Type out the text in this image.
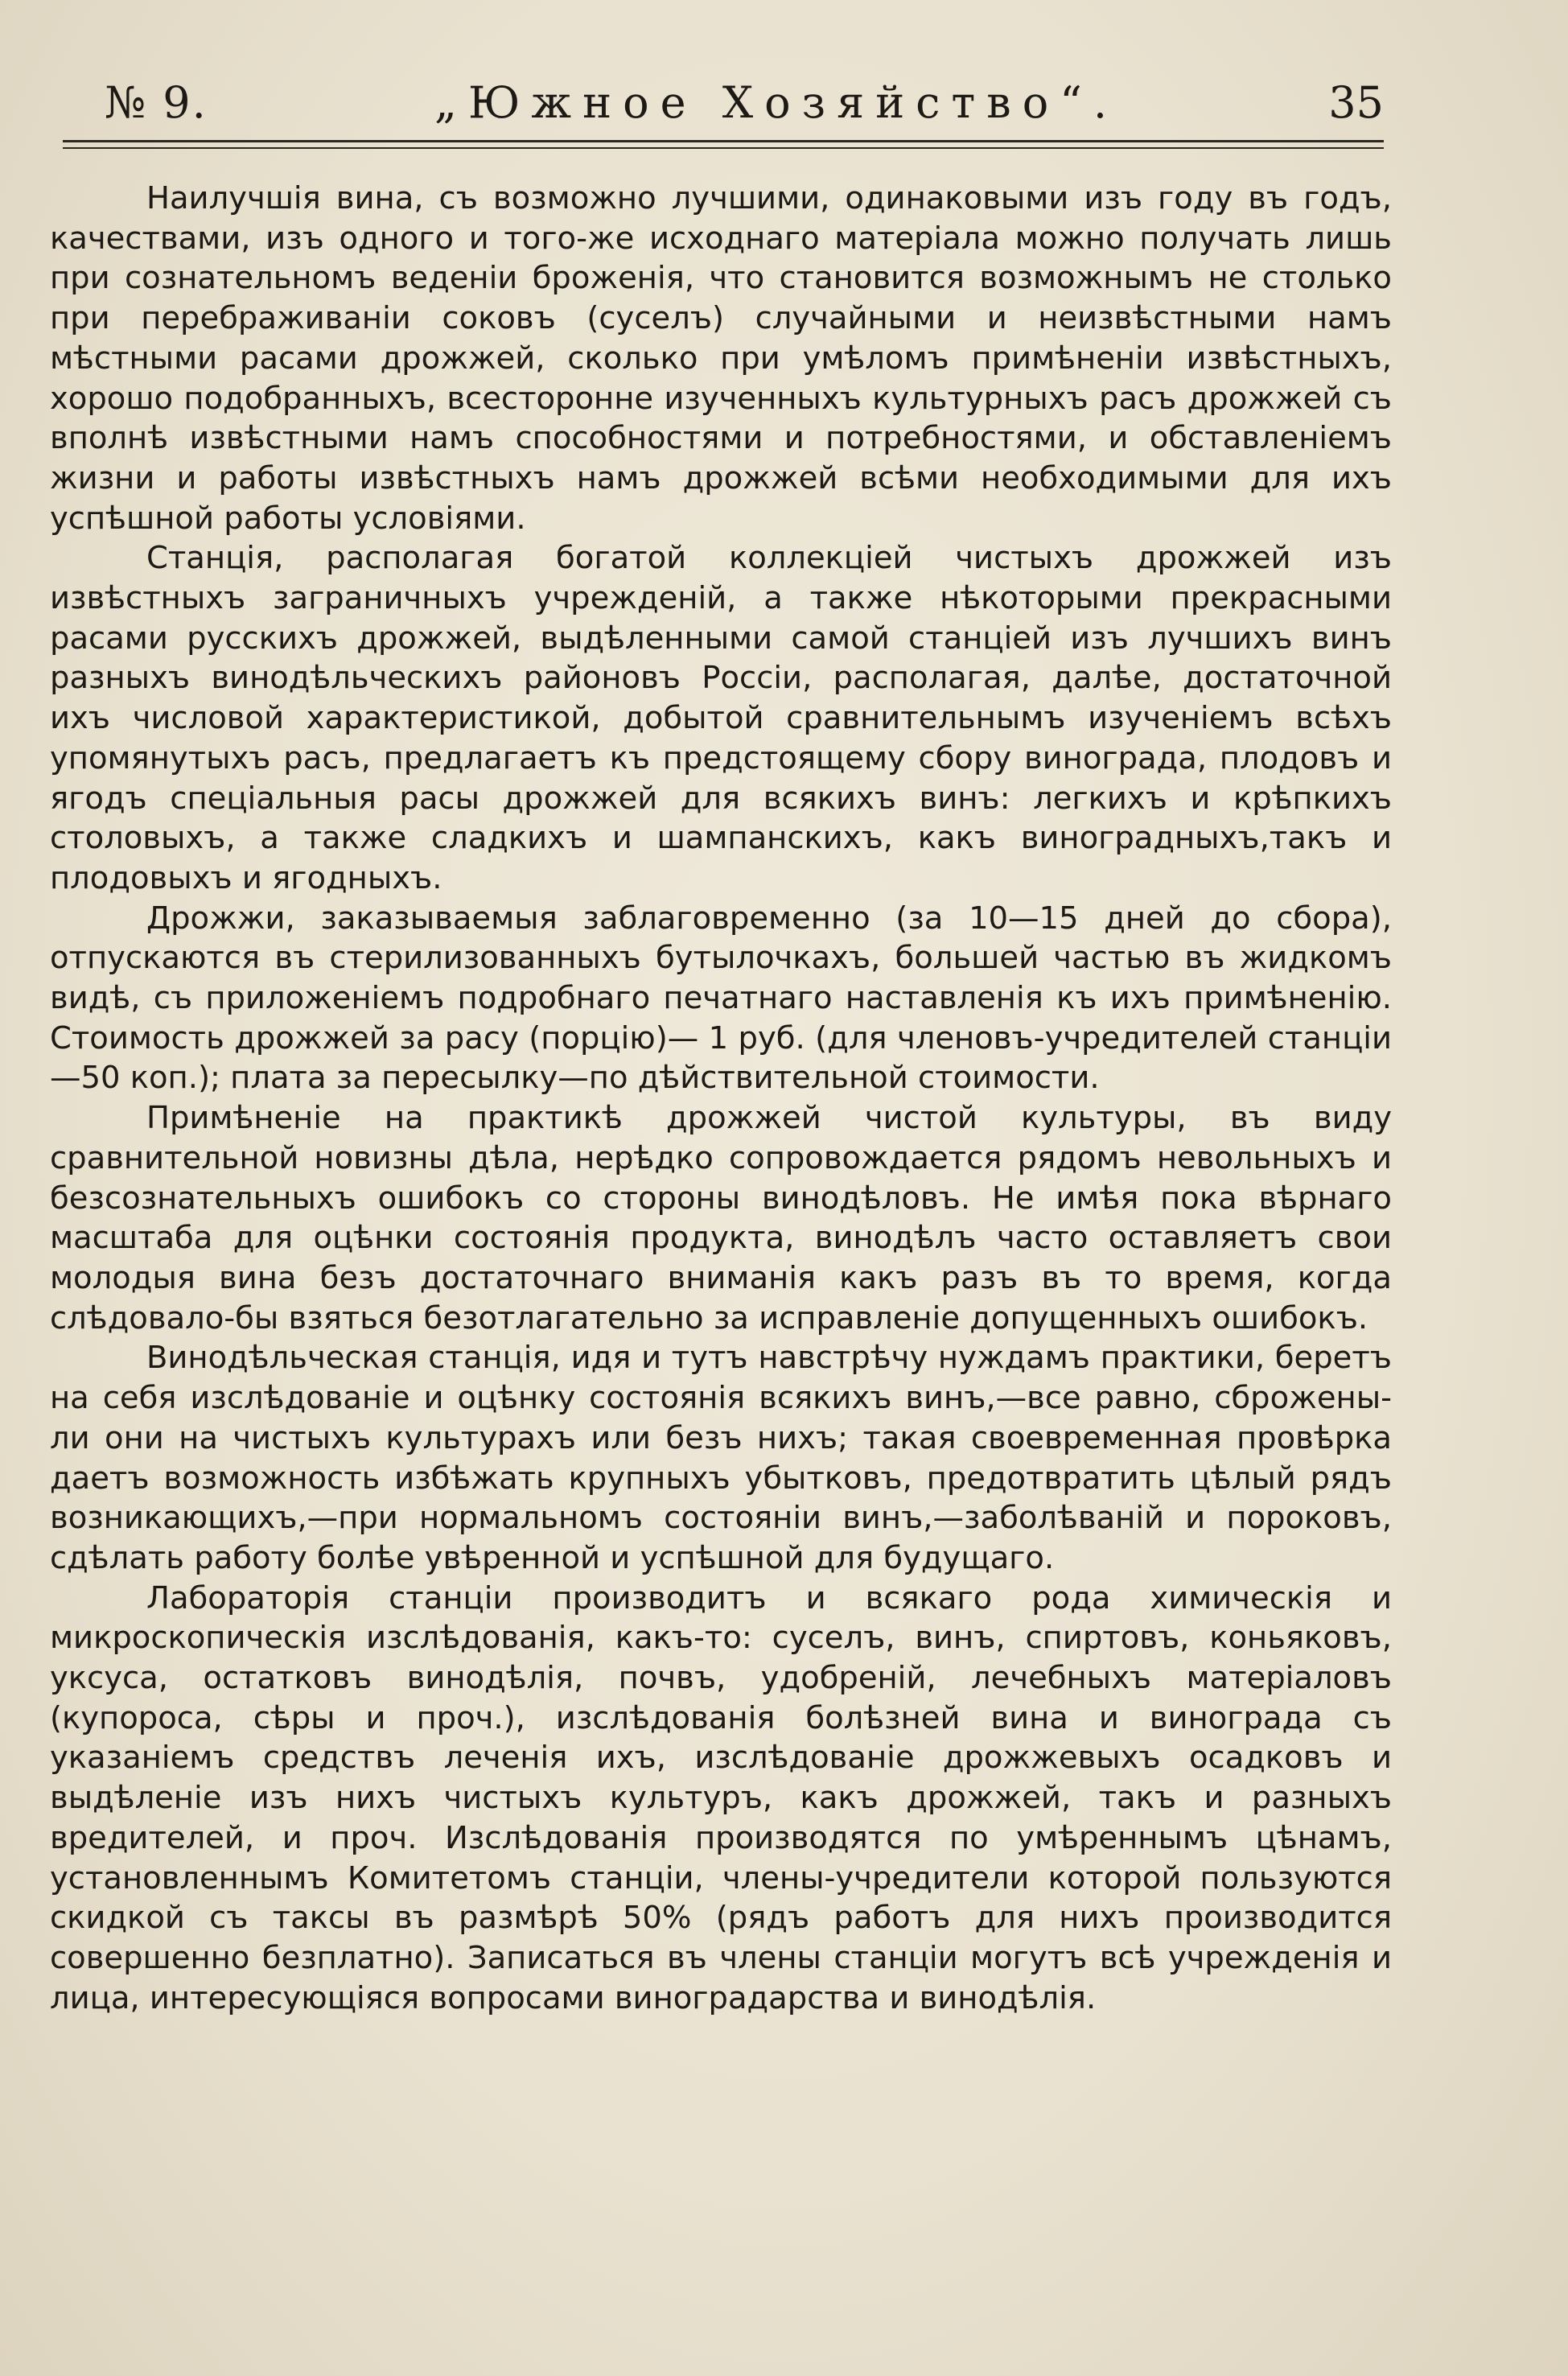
№ 9.	„Южное Хозяйство“.	35

Наилучшія вина, съ возможно лучшими, одинаковыми изъ году въ годъ, качествами, изъ одного и того-же исходнаго матеріала можно получать лишь при сознательномъ веденіи броженія, что становится возможнымъ не столько при перебраживаніи соковъ (суселъ) случайными и неизвѣстными намъ мѣстными расами дрожжей, сколько при умѣломъ примѣненіи извѣстныхъ, хорошо подобранныхъ, всесторонне изученныхъ культурныхъ расъ дрожжей съ вполнѣ извѣстными намъ способностями и потребностями, и обставленіемъ жизни и работы извѣстныхъ намъ дрожжей всѣми необходимыми для ихъ успѣшной работы условіями.

Станція, располагая богатой коллекціей чистыхъ дрожжей изъ извѣстныхъ заграничныхъ учрежденій, а также нѣкоторыми прекрасными расами русскихъ дрожжей, выдѣленными самой станціей изъ лучшихъ винъ разныхъ винодѣльческихъ районовъ Россіи, располагая, далѣе, достаточной ихъ числовой характеристикой, добытой сравнительнымъ изученіемъ всѣхъ упомянутыхъ расъ, предлагаетъ къ предстоящему сбору винограда, плодовъ и ягодъ спеціальныя расы дрожжей для всякихъ винъ: легкихъ и крѣпкихъ столовыхъ, а также сладкихъ и шампанскихъ, какъ виноградныхъ,такъ и плодовыхъ и ягодныхъ.

Дрожжи, заказываемыя заблаговременно (за 10—15 дней до сбора), отпускаются въ стерилизованныхъ бутылочкахъ, большей частью въ жидкомъ видѣ, съ приложеніемъ подробнаго печатнаго наставленія къ ихъ примѣненію. Стоимость дрожжей за расу (порцію)— 1 руб. (для членовъ-учредителей станціи—50 коп.); плата за пересылку—по дѣйствительной стоимости.

Примѣненіе на практикѣ дрожжей чистой культуры, въ виду сравнительной новизны дѣла, нерѣдко сопровождается рядомъ невольныхъ и безсознательныхъ ошибокъ со стороны винодѣловъ. Не имѣя пока вѣрнаго масштаба для оцѣнки состоянія продукта, винодѣлъ часто оставляетъ свои молодыя вина безъ достаточнаго вниманія какъ разъ въ то время, когда слѣдовало-бы взяться безотлагательно за исправленіе допущенныхъ ошибокъ.

Винодѣльческая станція, идя и тутъ навстрѣчу нуждамъ практики, беретъ на себя изслѣдованіе и оцѣнку состоянія всякихъ винъ,—все равно, сброжены-ли они на чистыхъ культурахъ или безъ нихъ; такая своевременная провѣрка даетъ возможность избѣжать крупныхъ убытковъ, предотвратить цѣлый рядъ возникающихъ,—при нормальномъ состояніи винъ,—заболѣваній и пороковъ, сдѣлать работу болѣе увѣренной и успѣшной для будущаго.

Лабораторія станціи производитъ и всякаго рода химическія и микроскопическія изслѣдованія, какъ-то: суселъ, винъ, спиртовъ, коньяковъ, уксуса, остатковъ винодѣлія, почвъ, удобреній, лечебныхъ матеріаловъ (купороса, сѣры и проч.), изслѣдованія болѣзней вина и винограда съ указаніемъ средствъ леченія ихъ, изслѣдованіе дрожжевыхъ осадковъ и выдѣленіе изъ нихъ чистыхъ культуръ, какъ дрожжей, такъ и разныхъ вредителей, и проч. Изслѣдованія производятся по умѣреннымъ цѣнамъ, установленнымъ Комитетомъ станціи, члены-учредители которой пользуются скидкой съ таксы въ размѣрѣ 50% (рядъ работъ для нихъ производится совершенно безплатно). Записаться въ члены станціи могутъ всѣ учрежденія и лица, интересующіяся вопросами виноградарства и винодѣлія.
